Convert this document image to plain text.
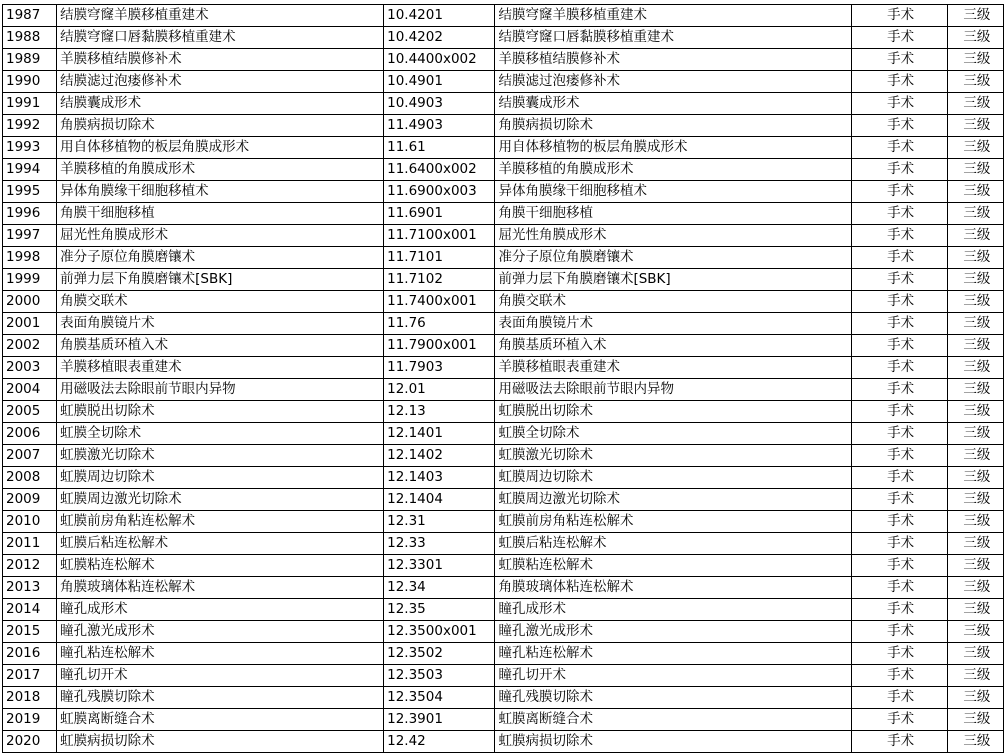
1987	结膜穹窿羊膜移植重建术	10.4201	结膜穹窿羊膜移植重建术	手术	三级
1988	结膜穹窿口唇黏膜移植重建术	10.4202	结膜穹窿口唇黏膜移植重建术	手术	三级
1989	羊膜移植结膜修补术	10.4400x002	羊膜移植结膜修补术	手术	三级
1990	结膜滤过泡瘘修补术	10.4901	结膜滤过泡瘘修补术	手术	三级
1991	结膜囊成形术	10.4903	结膜囊成形术	手术	三级
1992	角膜病损切除术	11.4903	角膜病损切除术	手术	三级
1993	用自体移植物的板层角膜成形术	11.61	用自体移植物的板层角膜成形术	手术	三级
1994	羊膜移植的角膜成形术	11.6400x002	羊膜移植的角膜成形术	手术	三级
1995	异体角膜缘干细胞移植术	11.6900x003	异体角膜缘干细胞移植术	手术	三级
1996	角膜干细胞移植	11.6901	角膜干细胞移植	手术	三级
1997	屈光性角膜成形术	11.7100x001	屈光性角膜成形术	手术	三级
1998	准分子原位角膜磨镶术	11.7101	准分子原位角膜磨镶术	手术	三级
1999	前弹力层下角膜磨镶术[SBK]	11.7102	前弹力层下角膜磨镶术[SBK]	手术	三级
2000	角膜交联术	11.7400x001	角膜交联术	手术	三级
2001	表面角膜镜片术	11.76	表面角膜镜片术	手术	三级
2002	角膜基质环植入术	11.7900x001	角膜基质环植入术	手术	三级
2003	羊膜移植眼表重建术	11.7903	羊膜移植眼表重建术	手术	三级
2004	用磁吸法去除眼前节眼内异物	12.01	用磁吸法去除眼前节眼内异物	手术	三级
2005	虹膜脱出切除术	12.13	虹膜脱出切除术	手术	三级
2006	虹膜全切除术	12.1401	虹膜全切除术	手术	三级
2007	虹膜激光切除术	12.1402	虹膜激光切除术	手术	三级
2008	虹膜周边切除术	12.1403	虹膜周边切除术	手术	三级
2009	虹膜周边激光切除术	12.1404	虹膜周边激光切除术	手术	三级
2010	虹膜前房角粘连松解术	12.31	虹膜前房角粘连松解术	手术	三级
2011	虹膜后粘连松解术	12.33	虹膜后粘连松解术	手术	三级
2012	虹膜粘连松解术	12.3301	虹膜粘连松解术	手术	三级
2013	角膜玻璃体粘连松解术	12.34	角膜玻璃体粘连松解术	手术	三级
2014	瞳孔成形术	12.35	瞳孔成形术	手术	三级
2015	瞳孔激光成形术	12.3500x001	瞳孔激光成形术	手术	三级
2016	瞳孔粘连松解术	12.3502	瞳孔粘连松解术	手术	三级
2017	瞳孔切开术	12.3503	瞳孔切开术	手术	三级
2018	瞳孔残膜切除术	12.3504	瞳孔残膜切除术	手术	三级
2019	虹膜离断缝合术	12.3901	虹膜离断缝合术	手术	三级
2020	虹膜病损切除术	12.42	虹膜病损切除术	手术	三级
